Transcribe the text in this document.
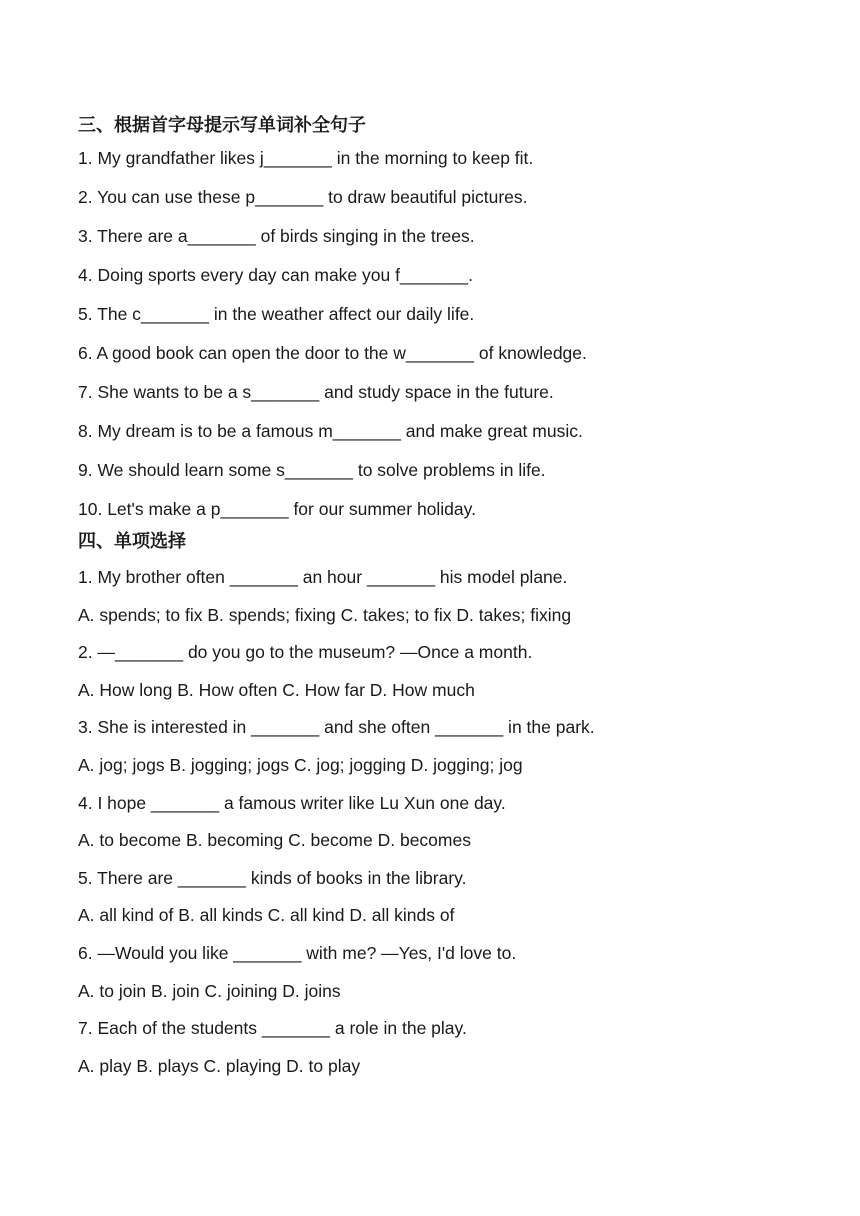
三、根据首字母提示写单词补全句子

1. My grandfather likes j_______ in the morning to keep fit.

2. You can use these p_______ to draw beautiful pictures.

3. There are a_______ of birds singing in the trees.

4. Doing sports every day can make you f_______.

5. The c_______ in the weather affect our daily life.

6. A good book can open the door to the w_______ of knowledge.

7. She wants to be a s_______ and study space in the future.

8. My dream is to be a famous m_______ and make great music.

9. We should learn some s_______ to solve problems in life.

10. Let's make a p_______ for our summer holiday.

四、单项选择

1. My brother often _______ an hour _______ his model plane.

A. spends; to fix B. spends; fixing C. takes; to fix D. takes; fixing

2. —_______ do you go to the museum? —Once a month.

A. How long B. How often C. How far D. How much

3. She is interested in _______ and she often _______ in the park.

A. jog; jogs B. jogging; jogs C. jog; jogging D. jogging; jog

4. I hope _______ a famous writer like Lu Xun one day.

A. to become B. becoming C. become D. becomes

5. There are _______ kinds of books in the library.

A. all kind of B. all kinds C. all kind D. all kinds of

6. —Would you like _______ with me? —Yes, I'd love to.

A. to join B. join C. joining D. joins

7. Each of the students _______ a role in the play.

A. play B. plays C. playing D. to play
